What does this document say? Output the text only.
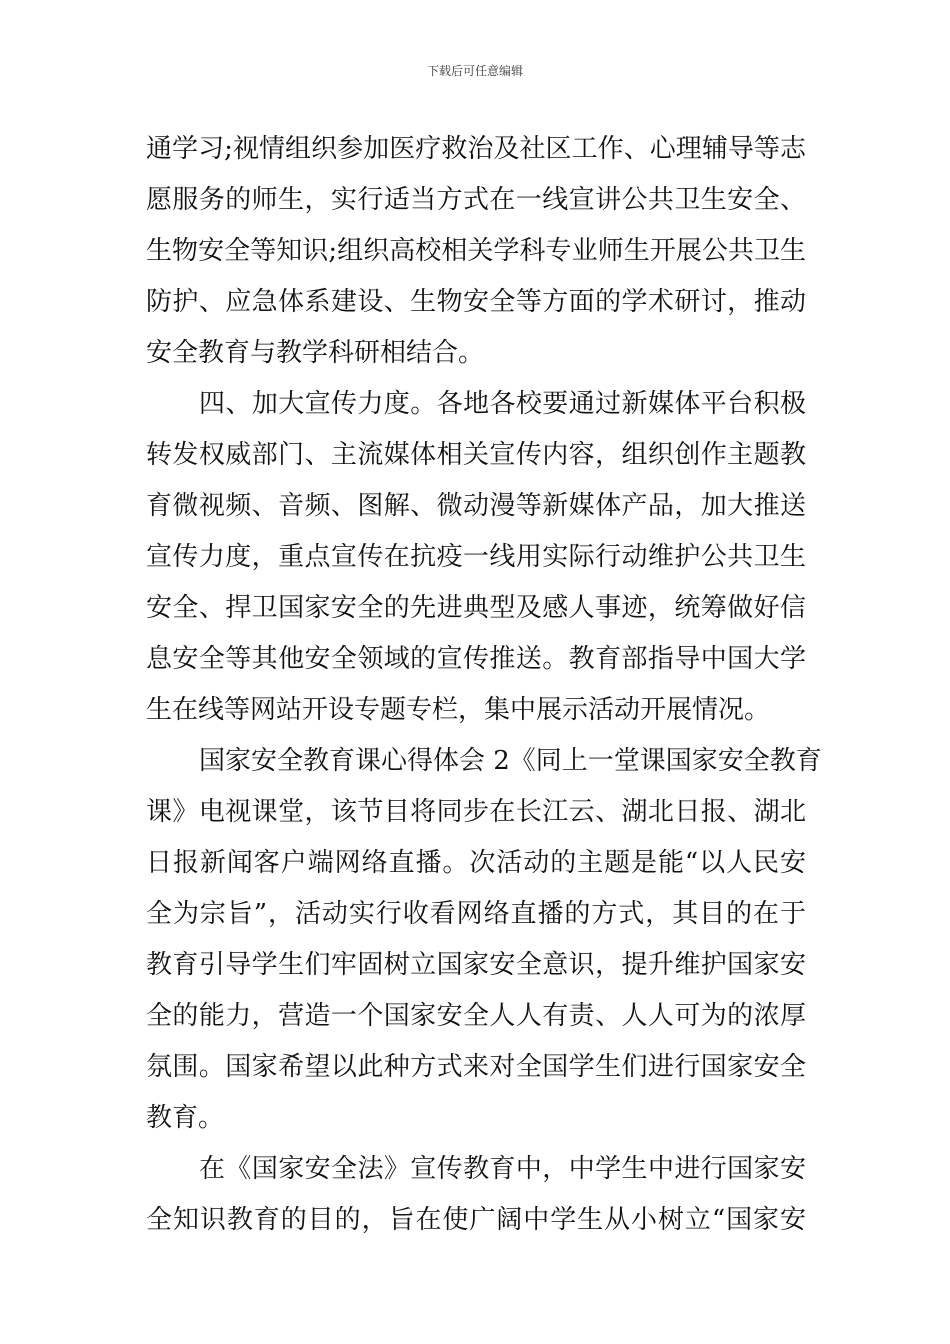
下载后可任意编辑
通学习;视情组织参加医疗救治及社区工作、心理辅导等志
愿服务的师生，实行适当方式在一线宣讲公共卫生安全、
生物安全等知识;组织高校相关学科专业师生开展公共卫生
防护、应急体系建设、生物安全等方面的学术研讨，推动
安全教育与教学科研相结合。
四、加大宣传力度。各地各校要通过新媒体平台积极
转发权威部门、主流媒体相关宣传内容，组织创作主题教
育微视频、音频、图解、微动漫等新媒体产品，加大推送
宣传力度，重点宣传在抗疫一线用实际行动维护公共卫生
安全、捍卫国家安全的先进典型及感人事迹，统筹做好信
息安全等其他安全领域的宣传推送。教育部指导中国大学
生在线等网站开设专题专栏，集中展示活动开展情况。
国家安全教育课心得体会 2《同上一堂课国家安全教育
课》电视课堂，该节目将同步在长江云、湖北日报、湖北
日报新闻客户端网络直播。次活动的主题是能“以人民安
全为宗旨”，活动实行收看网络直播的方式，其目的在于
教育引导学生们牢固树立国家安全意识，提升维护国家安
全的能力，营造一个国家安全人人有责、人人可为的浓厚
氛围。国家希望以此种方式来对全国学生们进行国家安全
教育。
在《国家安全法》宣传教育中，中学生中进行国家安
全知识教育的目的，旨在使广阔中学生从小树立“国家安
